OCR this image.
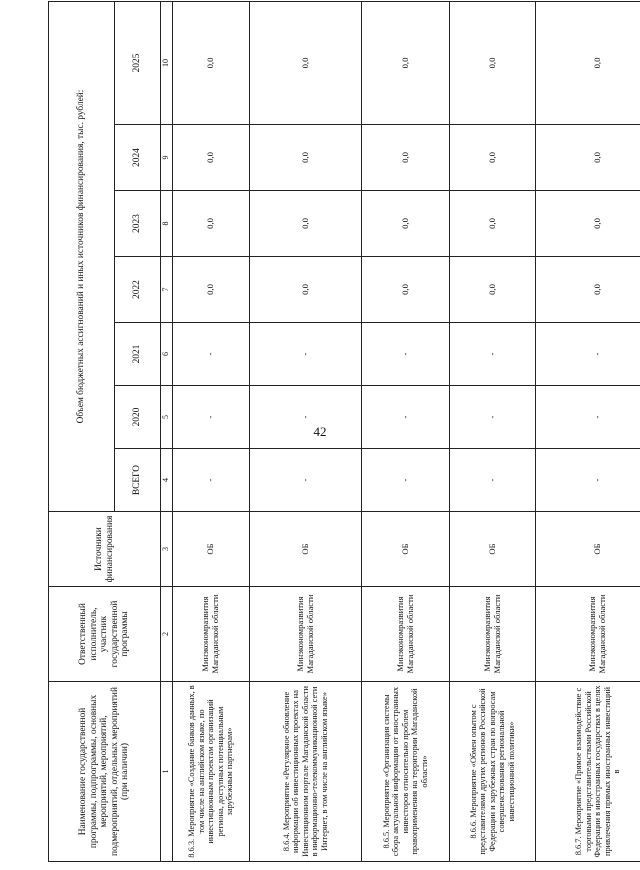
42
Наименование государственной программы, подпрограммы, основных мероприятий, мероприятий, подмероприятий, отдельных мероприятий (при наличии)	Ответственный исполнитель, участник государственной программы	Источники финансирования	Объем бюджетных ассигнований и иных источников финансирования, тыс. рублей:						
			ВСЕГО	2020	2021	2022	2023	2024	2025
1	2	3	4	5	6	7	8	9	10
8.6.3. Мероприятие «Создание банков данных, в том числе на английском языке, по инвестиционным проектам организаций региона, доступных потенциальным зарубежным партнерам»	Минэкономразвития Магаданской области	ОБ	-	-	-	0,0	0,0	0,0	0,0
8.6.4. Мероприятие «Регулярное обновление информации об инвестиционных проектах на Инвестиционном портале Магаданской области в информационно-телекоммуникационной сети Интернет, в том числе на английском языке»	Минэкономразвития Магаданской области	ОБ	-	-	-	0,0	0,0	0,0	0,0
8.6.5. Мероприятие «Организация системы сбора актуальной информации от иностранных инвесторов относительно проблем правоприменения на территории Магаданской области»	Минэкономразвития Магаданской области	ОБ	-	-	-	0,0	0,0	0,0	0,0
8.6.6. Мероприятие «Обмен опытом с представителями других регионов Российской Федерации и зарубежных стран по вопросам совершенствования региональной инвестиционной политики»	Минэкономразвития Магаданской области	ОБ	-	-	-	0,0	0,0	0,0	0,0
8.6.7. Мероприятие «Прямое взаимодействие с торговыми представительствами Российской Федерации в иностранных государствах в целях привлечения прямых иностранных инвестиций в	Минэкономразвития Магаданской области	ОБ	-	-	-	0,0	0,0	0,0	0,0
